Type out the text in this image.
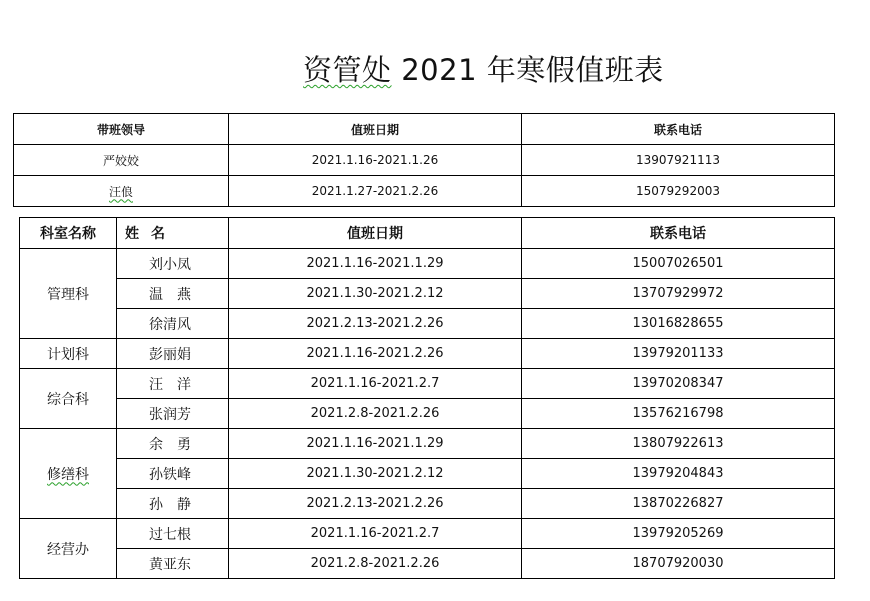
资管处 2021 年寒假值班表
带班领导	值班日期	联系电话
严姣姣	2021.1.16-2021.1.26	13907921113
汪俍	2021.1.27-2021.2.26	15079292003
科室名称	姓名	值班日期	联系电话
管理科	刘小凤	2021.1.16-2021.1.29	15007026501
	温　燕	2021.1.30-2021.2.12	13707929972
	徐清风	2021.2.13-2021.2.26	13016828655
计划科	彭丽娟	2021.1.16-2021.2.26	13979201133
综合科	汪　洋	2021.1.16-2021.2.7	13970208347
	张润芳	2021.2.8-2021.2.26	13576216798
修缮科	余　勇	2021.1.16-2021.1.29	13807922613
	孙铁峰	2021.1.30-2021.2.12	13979204843
	孙　静	2021.2.13-2021.2.26	13870226827
经营办	过七根	2021.1.16-2021.2.7	13979205269
	黄亚东	2021.2.8-2021.2.26	18707920030
